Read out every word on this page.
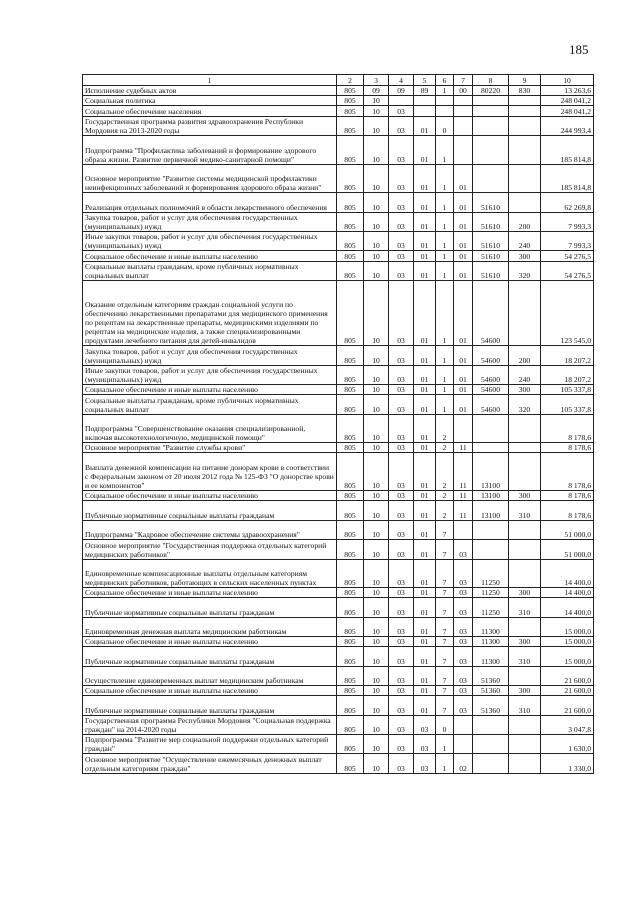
185
1	2	3	4	5	6	7	8	9	10
Исполнение судебных актов	805	09	09	89	1	00	80220	830	13 263,6
Социальная политика	805	10							248 041,2
Социальное обеспечение населения	805	10	03						248 041,2
Государственная программа развития здравоохранения Республики Мордовия на 2013-2020 годы	805	10	03	01	0				244 993,4
Подпрограмма "Профилактика заболеваний и формирование здорового образа жизни. Развитие первичной медико-санитарной помощи"	805	10	03	01	1				185 814,8
Основное мероприятие "Развитие системы медицинской профилактики неинфекционных заболеваний и формирования здорового образа жизни"	805	10	03	01	1	01			185 814,8
Реализация отдельных полномочий в области лекарственного обеспечения	805	10	03	01	1	01	51610		62 269,8
Закупка товаров, работ и услуг для обеспечения государственных (муниципальных) нужд	805	10	03	01	1	01	51610	200	7 993,3
Иные закупки товаров, работ и услуг для обеспечения государственных (муниципальных) нужд	805	10	03	01	1	01	51610	240	7 993,3
Социальное обеспечение и иные выплаты населению	805	10	03	01	1	01	51610	300	54 276,5
Социальные выплаты гражданам, кроме публичных нормативных социальных выплат	805	10	03	01	1	01	51610	320	54 276,5
Оказание отдельным категориям граждан социальной услуги по обеспечению лекарственными препаратами для медицинского применения по рецептам на лекарственные препараты, медицинскими изделиями по рецептам на медицинские изделия, а также специализированными продуктами лечебного питания для детей-инвалидов	805	10	03	01	1	01	54600		123 545,0
Закупка товаров, работ и услуг для обеспечения государственных (муниципальных) нужд	805	10	03	01	1	01	54600	200	18 207,2
Иные закупки товаров, работ и услуг для обеспечения государственных (муниципальных) нужд	805	10	03	01	1	01	54600	240	18 207,2
Социальное обеспечение и иные выплаты населению	805	10	03	01	1	01	54600	300	105 337,8
Социальные выплаты гражданам, кроме публичных нормативных социальных выплат	805	10	03	01	1	01	54600	320	105 337,8
Подпрограмма "Совершенствование оказания специализированной, включая высокотехнологичную, медицинской помощи"	805	10	03	01	2				8 178,6
Основное мероприятие "Развитие службы крови"	805	10	03	01	2	11			8 178,6
Выплата денежной компенсации на питание донорам крови в соответствии с Федеральным законом от 20 июля 2012 года № 125-ФЗ "О донорстве крови и ее компонентов"	805	10	03	01	2	11	13100		8 178,6
Социальное обеспечение и иные выплаты населению	805	10	03	01	2	11	13100	300	8 178,6
Публичные нормативные социальные выплаты гражданам	805	10	03	01	2	11	13100	310	8 178,6
Подпрограмма "Кадровое обеспечение системы здравоохранения"	805	10	03	01	7				51 000,0
Основное мероприятие "Государственная поддержка отдельных категорий медицинских работников"	805	10	03	01	7	03			51 000,0
Единовременные компенсационные выплаты отдельным категориям медицинских работников, работающих в сельских населенных пунктах	805	10	03	01	7	03	11250		14 400,0
Социальное обеспечение и иные выплаты населению	805	10	03	01	7	03	11250	300	14 400,0
Публичные нормативные социальные выплаты гражданам	805	10	03	01	7	03	11250	310	14 400,0
Единовременная денежная выплата медицинским работникам	805	10	03	01	7	03	11300		15 000,0
Социальное обеспечение и иные выплаты населению	805	10	03	01	7	03	11300	300	15 000,0
Публичные нормативные социальные выплаты гражданам	805	10	03	01	7	03	11300	310	15 000,0
Осуществление единовременных выплат медицинским работникам	805	10	03	01	7	03	51360		21 600,0
Социальное обеспечение и иные выплаты населению	805	10	03	01	7	03	51360	300	21 600,0
Публичные нормативные социальные выплаты гражданам	805	10	03	01	7	03	51360	310	21 600,0
Государственная программа Республики Мордовия "Социальная поддержка граждан" на 2014-2020 годы	805	10	03	03	0				3 047,8
Подпрограмма "Развитие мер социальной поддержки отдельных категорий граждан"	805	10	03	03	1				1 630,0
Основное мероприятие "Осуществление ежемесячных денежных выплат отдельным категориям граждан"	805	10	03	03	1	02			1 330,0
